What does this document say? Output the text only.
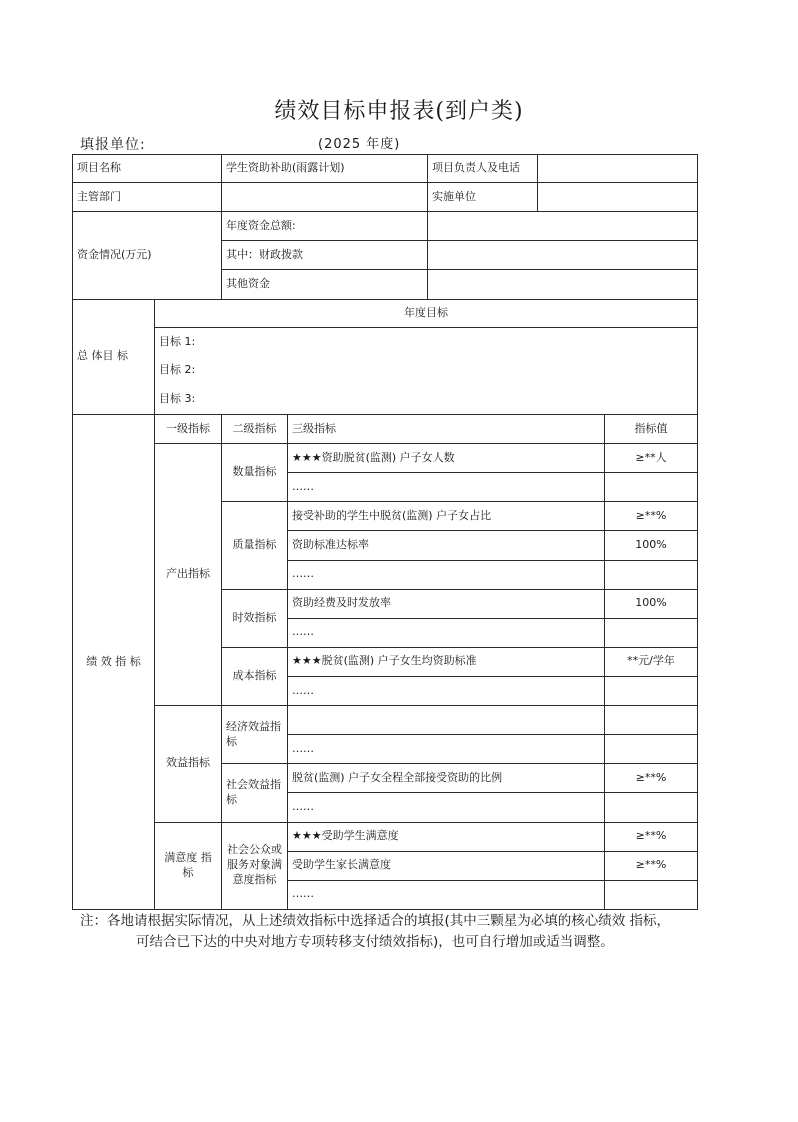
绩效目标申报表(到户类)
填报单位:	(2025 年度)
项目名称		学生资助补助(雨露计划)		项目负责人及电话		
主管部门				实施单位		
资金情况(万元)		年度资金总额:				
		其中：财政拨款				
		其他资金				
总 体目 标	年度目标					
	目标 1:					
	目标 2:					
	目标 3:					
绩 效 指 标	一级指标	二级指标	三级指标			指标值
	产出指标	数量指标	★★★资助脱贫(监测) 户子女人数			≥**人
			……			
		质量指标	接受补助的学生中脱贫(监测) 户子女占比			≥**%
			资助标准达标率			100%
			……			
		时效指标	资助经费及时发放率			100%
			……			
		成本指标	★★★脱贫(监测) 户子女生均资助标准			**元/学年
			……			
	效益指标	经济效益指标				
			……			
		社会效益指标	脱贫(监测) 户子女全程全部接受资助的比例			≥**%
			……			
	满意度 指标	社会公众或服务对象满意度指标	★★★受助学生满意度			≥**%
			受助学生家长满意度			≥**%
			……			
注：各地请根据实际情况，从上述绩效指标中选择适合的填报(其中三颗星为必填的核心绩效 指标，
可结合已下达的中央对地方专项转移支付绩效指标)，也可自行增加或适当调整。
